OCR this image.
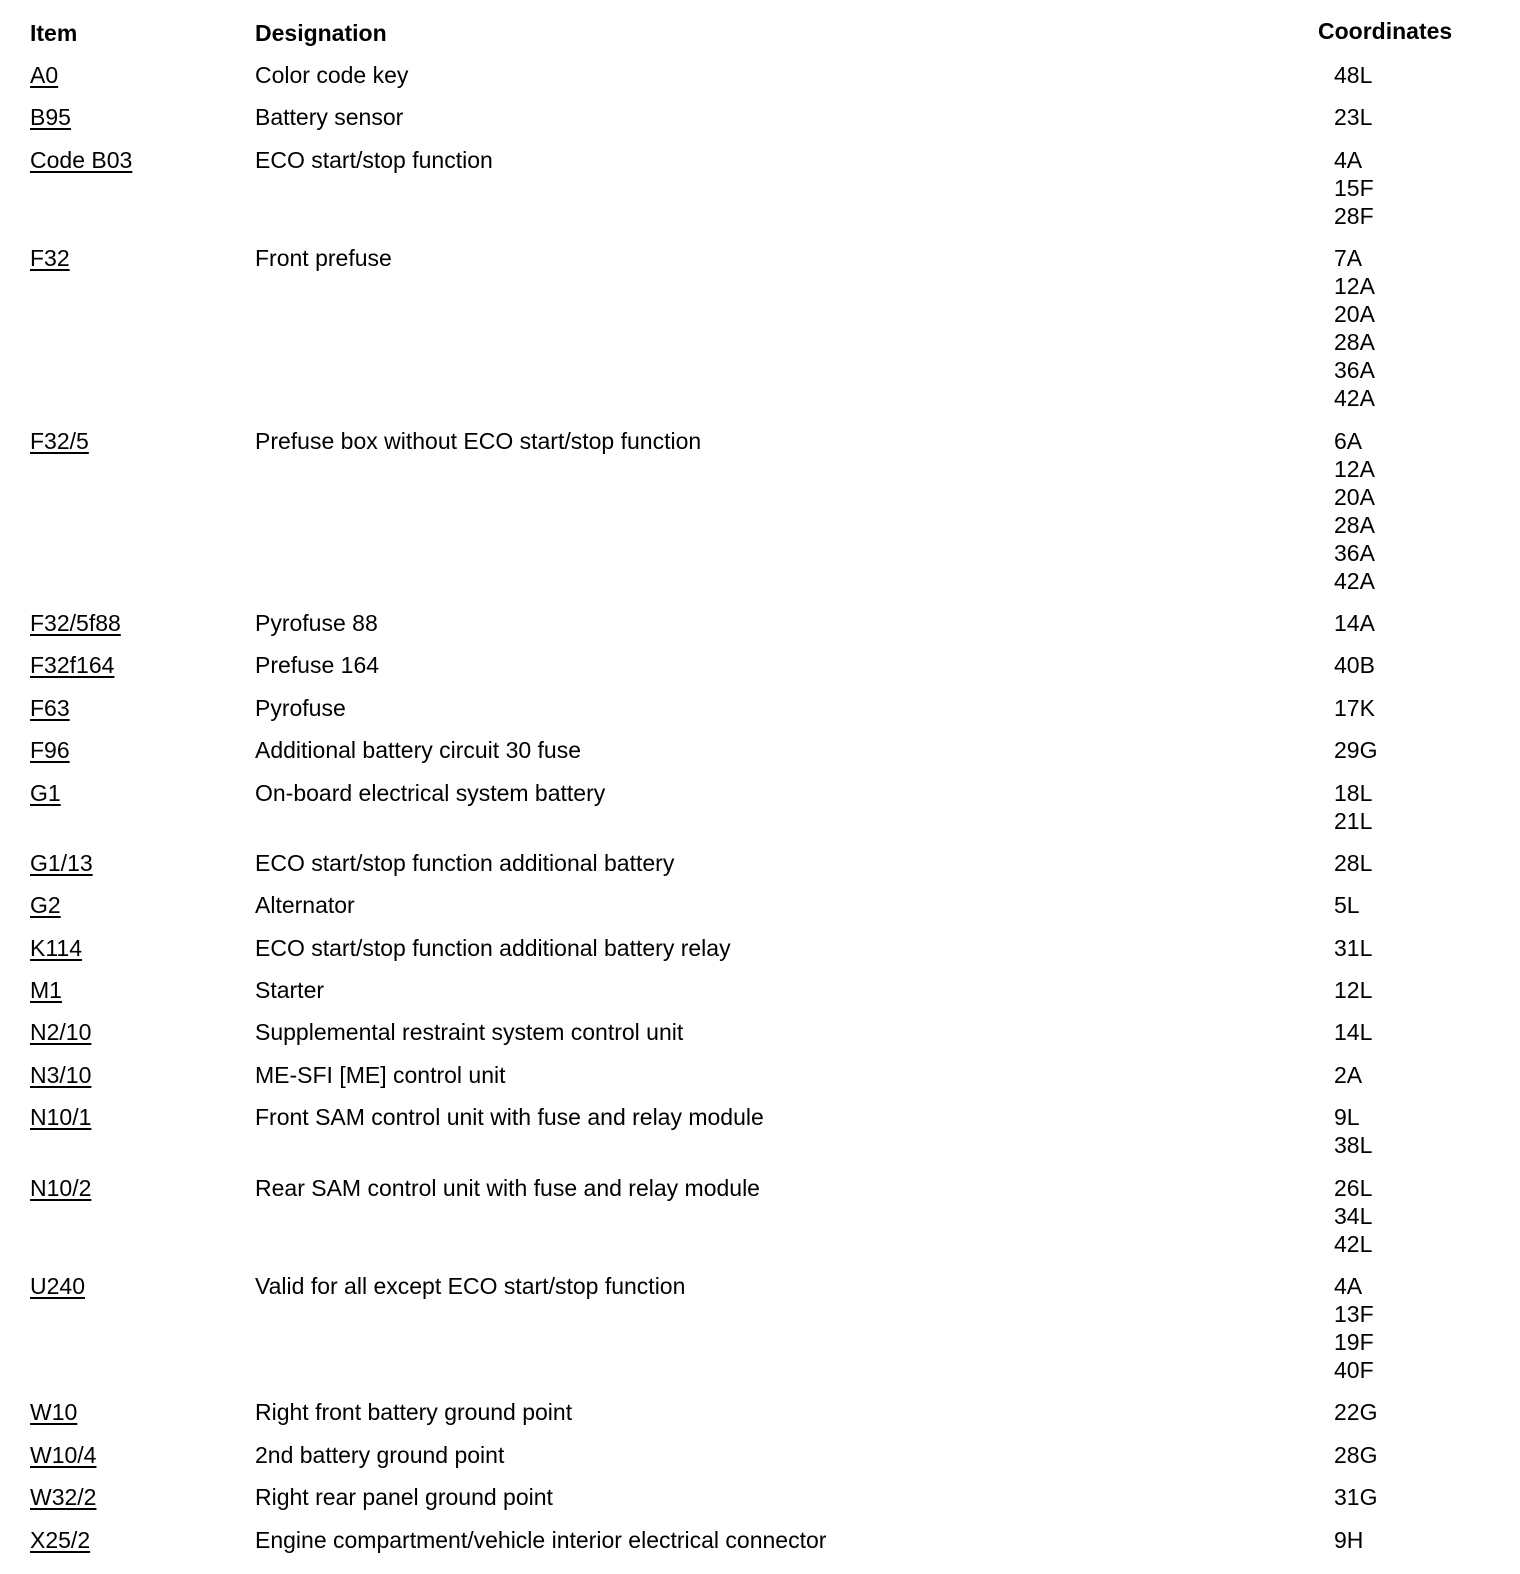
Item	Designation	Coordinates
A0	Color code key	48L
B95	Battery sensor	23L
Code B03	ECO start/stop function	4A
15F
28F
F32	Front prefuse	7A
12A
20A
28A
36A
42A
F32/5	Prefuse box without ECO start/stop function	6A
12A
20A
28A
36A
42A
F32/5f88	Pyrofuse 88	14A
F32f164	Prefuse 164	40B
F63	Pyrofuse	17K
F96	Additional battery circuit 30 fuse	29G
G1	On-board electrical system battery	18L
21L
G1/13	ECO start/stop function additional battery	28L
G2	Alternator	5L
K114	ECO start/stop function additional battery relay	31L
M1	Starter	12L
N2/10	Supplemental restraint system control unit	14L
N3/10	ME-SFI [ME] control unit	2A
N10/1	Front SAM control unit with fuse and relay module	9L
38L
N10/2	Rear SAM control unit with fuse and relay module	26L
34L
42L
U240	Valid for all except ECO start/stop function	4A
13F
19F
40F
W10	Right front battery ground point	22G
W10/4	2nd battery ground point	28G
W32/2	Right rear panel ground point	31G
X25/2	Engine compartment/vehicle interior electrical connector	9H
